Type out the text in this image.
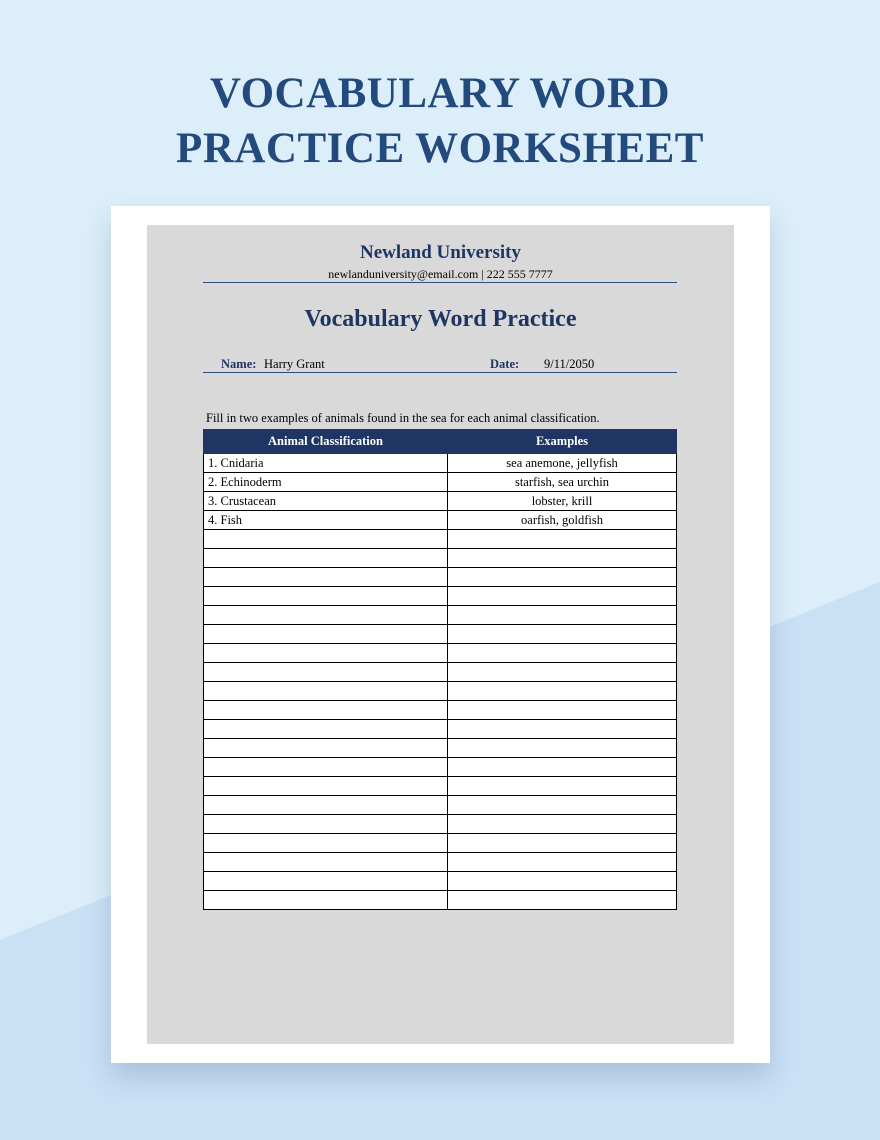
VOCABULARY WORD
PRACTICE WORKSHEET
Newland University
newlanduniversity@email.com | 222 555 7777
Vocabulary Word Practice
Name: Harry Grant	Date: 9/11/2050
Fill in two examples of animals found in the sea for each animal classification.
Animal Classification	Examples
1. Cnidaria	sea anemone, jellyfish
2. Echinoderm	starfish, sea urchin
3. Crustacean	lobster, krill
4. Fish	oarfish, goldfish
